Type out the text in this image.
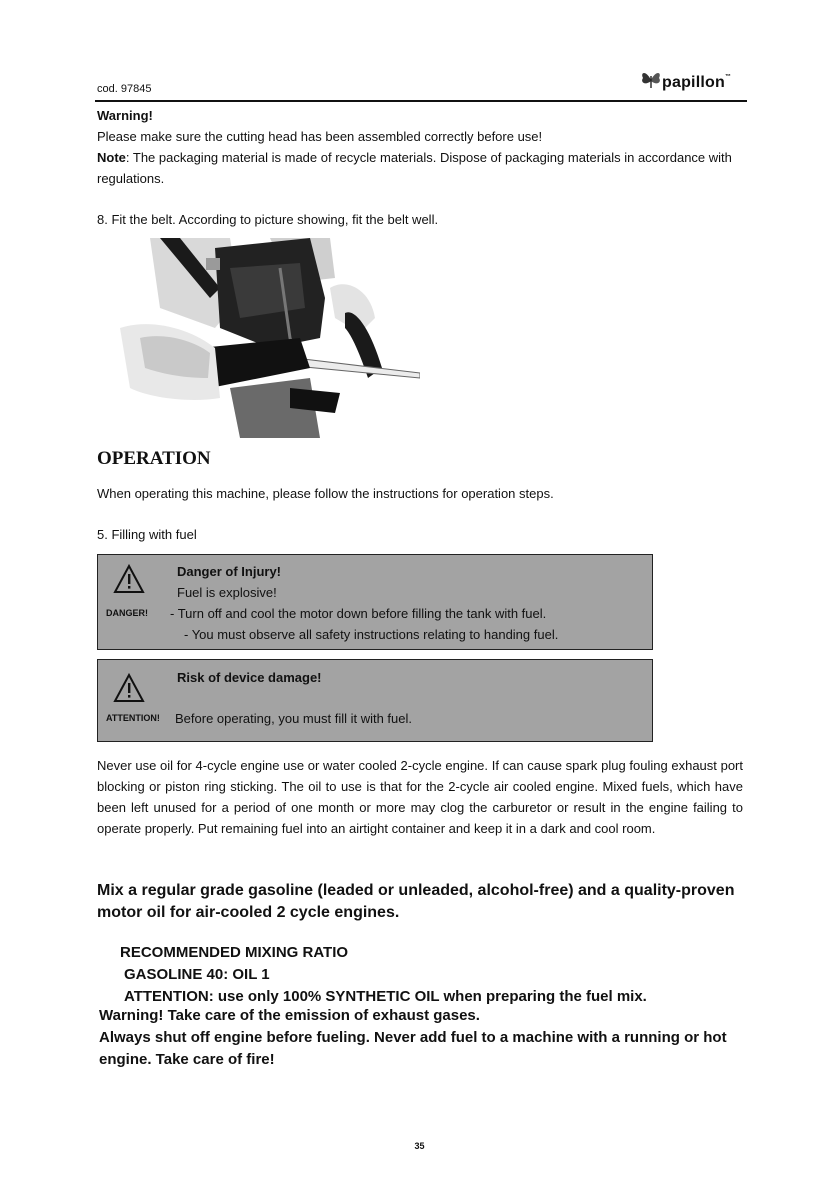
cod. 97845	papillon™
Warning!
Please make sure the cutting head has been assembled correctly before use!
Note: The packaging material is made of recycle materials. Dispose of packaging materials in accordance with regulations.
8. Fit the belt. According to picture showing, fit the belt well.
OPERATION
When operating this machine, please follow the instructions for operation steps.
5. Filling with fuel
DANGER!
Danger of Injury!
Fuel is explosive!
- Turn off and cool the motor down before filling the tank with fuel.
- You must observe all safety instructions relating to handing fuel.
ATTENTION!
Risk of device damage!
Before operating, you must fill it with fuel.
Never use oil for 4-cycle engine use or water cooled 2-cycle engine. If can cause spark plug fouling exhaust port blocking or piston ring sticking. The oil to use is that for the 2-cycle air cooled engine. Mixed fuels, which have been left unused for a period of one month or more may clog the carburetor or result in the engine failing to operate properly. Put remaining fuel into an airtight container and keep it in a dark and cool room.
Mix a regular grade gasoline (leaded or unleaded, alcohol-free) and a quality-proven motor oil for air-cooled 2 cycle engines.
RECOMMENDED MIXING RATIO
GASOLINE 40: OIL 1
ATTENTION: use only 100% SYNTHETIC OIL when preparing the fuel mix.
Warning! Take care of the emission of exhaust gases.
Always shut off engine before fueling. Never add fuel to a machine with a running or hot engine. Take care of fire!
35
